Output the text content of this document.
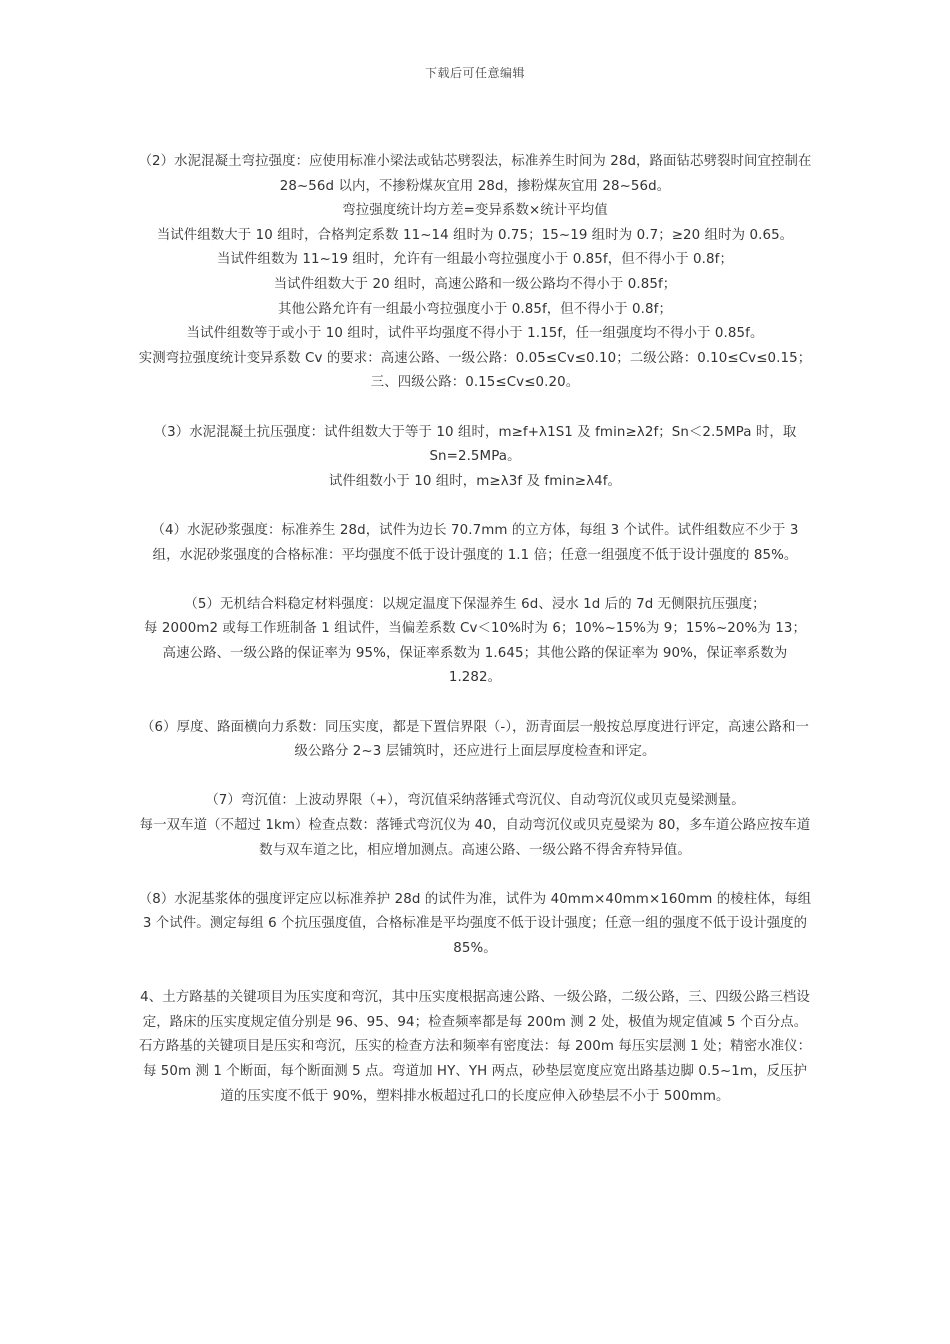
下载后可任意编辑
（2）水泥混凝土弯拉强度：应使用标准小梁法或钻芯劈裂法，标准养生时间为 28d，路面钻芯劈裂时间宜控制在 28~56d 以内，不掺粉煤灰宜用 28d，掺粉煤灰宜用 28~56d。
弯拉强度统计均方差=变异系数×统计平均值
当试件组数大于 10 组时，合格判定系数 11~14 组时为 0.75；15~19 组时为 0.7；≥20 组时为 0.65。
当试件组数为 11~19 组时，允许有一组最小弯拉强度小于 0.85f，但不得小于 0.8f；
当试件组数大于 20 组时，高速公路和一级公路均不得小于 0.85f；
其他公路允许有一组最小弯拉强度小于 0.85f，但不得小于 0.8f；
当试件组数等于或小于 10 组时，试件平均强度不得小于 1.15f，任一组强度均不得小于 0.85f。
实测弯拉强度统计变异系数 Cv 的要求：高速公路、一级公路：0.05≤Cv≤0.10；二级公路：0.10≤Cv≤0.15；三、四级公路：0.15≤Cv≤0.20。
（3）水泥混凝土抗压强度：试件组数大于等于 10 组时，m≥f+λ1S1 及 fmin≥λ2f；Sn＜2.5MPa 时，取 Sn=2.5MPa。
试件组数小于 10 组时，m≥λ3f 及 fmin≥λ4f。
（4）水泥砂浆强度：标准养生 28d，试件为边长 70.7mm 的立方体，每组 3 个试件。试件组数应不少于 3 组，水泥砂浆强度的合格标准：平均强度不低于设计强度的 1.1 倍；任意一组强度不低于设计强度的 85%。
（5）无机结合料稳定材料强度：以规定温度下保湿养生 6d、浸水 1d 后的 7d 无侧限抗压强度；
每 2000m2 或每工作班制备 1 组试件，当偏差系数 Cv＜10%时为 6；10%~15%为 9；15%~20%为 13；
高速公路、一级公路的保证率为 95%，保证率系数为 1.645；其他公路的保证率为 90%，保证率系数为 1.282。
（6）厚度、路面横向力系数：同压实度，都是下置信界限（-），沥青面层一般按总厚度进行评定，高速公路和一级公路分 2~3 层铺筑时，还应进行上面层厚度检查和评定。
（7）弯沉值：上波动界限（+），弯沉值采纳落锤式弯沉仪、自动弯沉仪或贝克曼梁测量。
每一双车道（不超过 1km）检查点数：落锤式弯沉仪为 40，自动弯沉仪或贝克曼梁为 80，多车道公路应按车道数与双车道之比，相应增加测点。高速公路、一级公路不得舍弃特异值。
（8）水泥基浆体的强度评定应以标准养护 28d 的试件为准，试件为 40mm×40mm×160mm 的棱柱体，每组 3 个试件。测定每组 6 个抗压强度值，合格标准是平均强度不低于设计强度；任意一组的强度不低于设计强度的 85%。
4、土方路基的关键项目为压实度和弯沉，其中压实度根据高速公路、一级公路，二级公路，三、四级公路三档设定，路床的压实度规定值分别是 96、95、94；检查频率都是每 200m 测 2 处，极值为规定值减 5 个百分点。石方路基的关键项目是压实和弯沉，压实的检查方法和频率有密度法：每 200m 每压实层测 1 处；精密水准仪：每 50m 测 1 个断面，每个断面测 5 点。弯道加 HY、YH 两点，砂垫层宽度应宽出路基边脚 0.5~1m，反压护道的压实度不低于 90%，塑料排水板超过孔口的长度应伸入砂垫层不小于 500mm。
